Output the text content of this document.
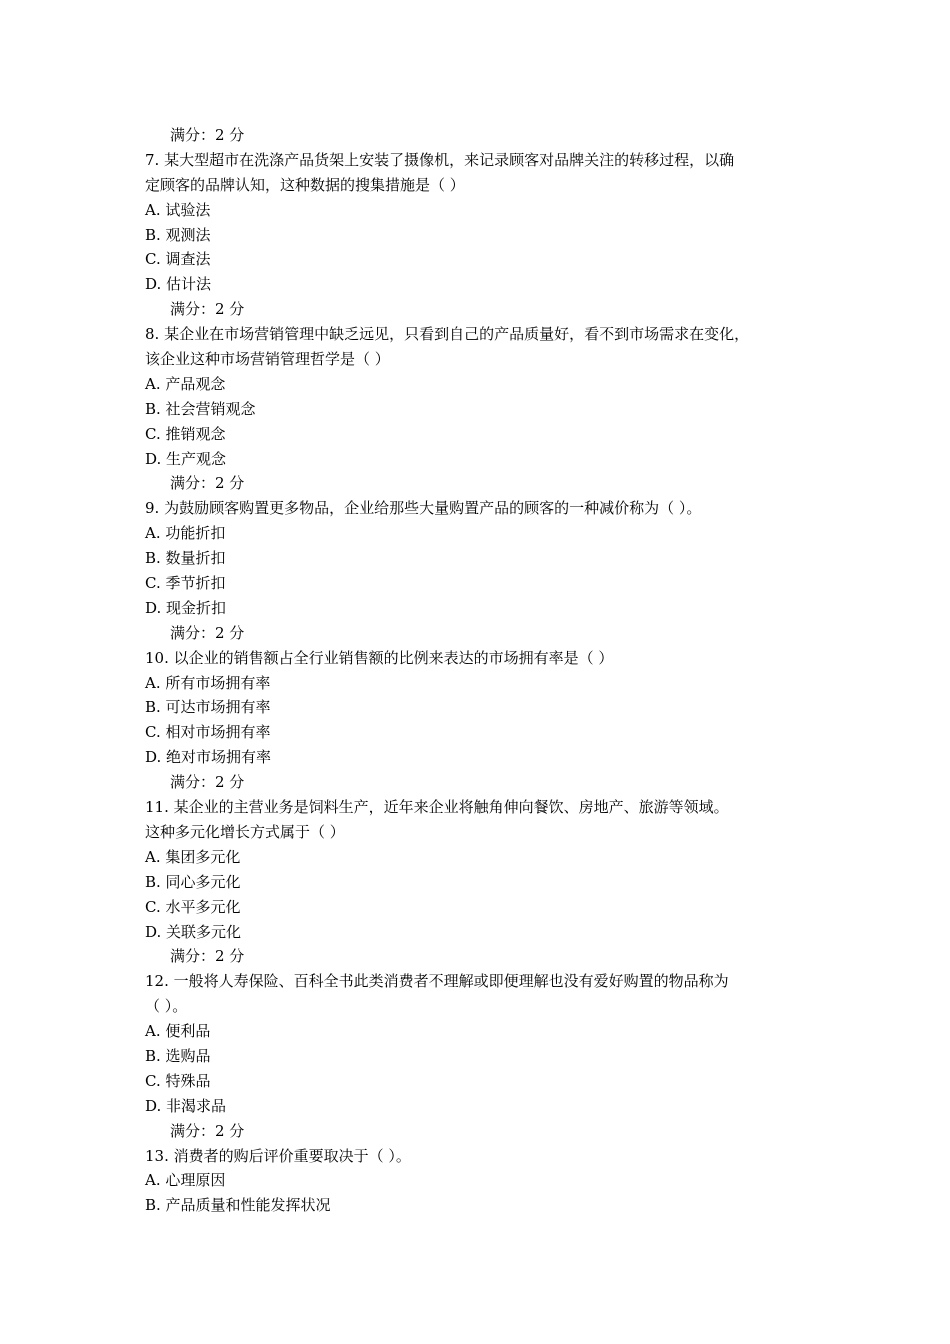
满分：2 分
7. 某大型超市在洗涤产品货架上安装了摄像机，来记录顾客对品牌关注的转移过程，以确
定顾客的品牌认知，这种数据的搜集措施是（ ）
A. 试验法
B. 观测法
C. 调查法
D. 估计法
满分：2 分
8. 某企业在市场营销管理中缺乏远见，只看到自己的产品质量好，看不到市场需求在变化，
该企业这种市场营销管理哲学是（ ）
A. 产品观念
B. 社会营销观念
C. 推销观念
D. 生产观念
满分：2 分
9. 为鼓励顾客购置更多物品，企业给那些大量购置产品的顾客的一种减价称为（ ）。
A. 功能折扣
B. 数量折扣
C. 季节折扣
D. 现金折扣
满分：2 分
10. 以企业的销售额占全行业销售额的比例来表达的市场拥有率是（ ）
A. 所有市场拥有率
B. 可达市场拥有率
C. 相对市场拥有率
D. 绝对市场拥有率
满分：2 分
11. 某企业的主营业务是饲料生产，近年来企业将触角伸向餐饮、房地产、旅游等领域。
这种多元化增长方式属于（ ）
A. 集团多元化
B. 同心多元化
C. 水平多元化
D. 关联多元化
满分：2 分
12. 一般将人寿保险、百科全书此类消费者不理解或即便理解也没有爱好购置的物品称为
（ ）。
A. 便利品
B. 选购品
C. 特殊品
D. 非渴求品
满分：2 分
13. 消费者的购后评价重要取决于（ ）。
A. 心理原因
B. 产品质量和性能发挥状况
